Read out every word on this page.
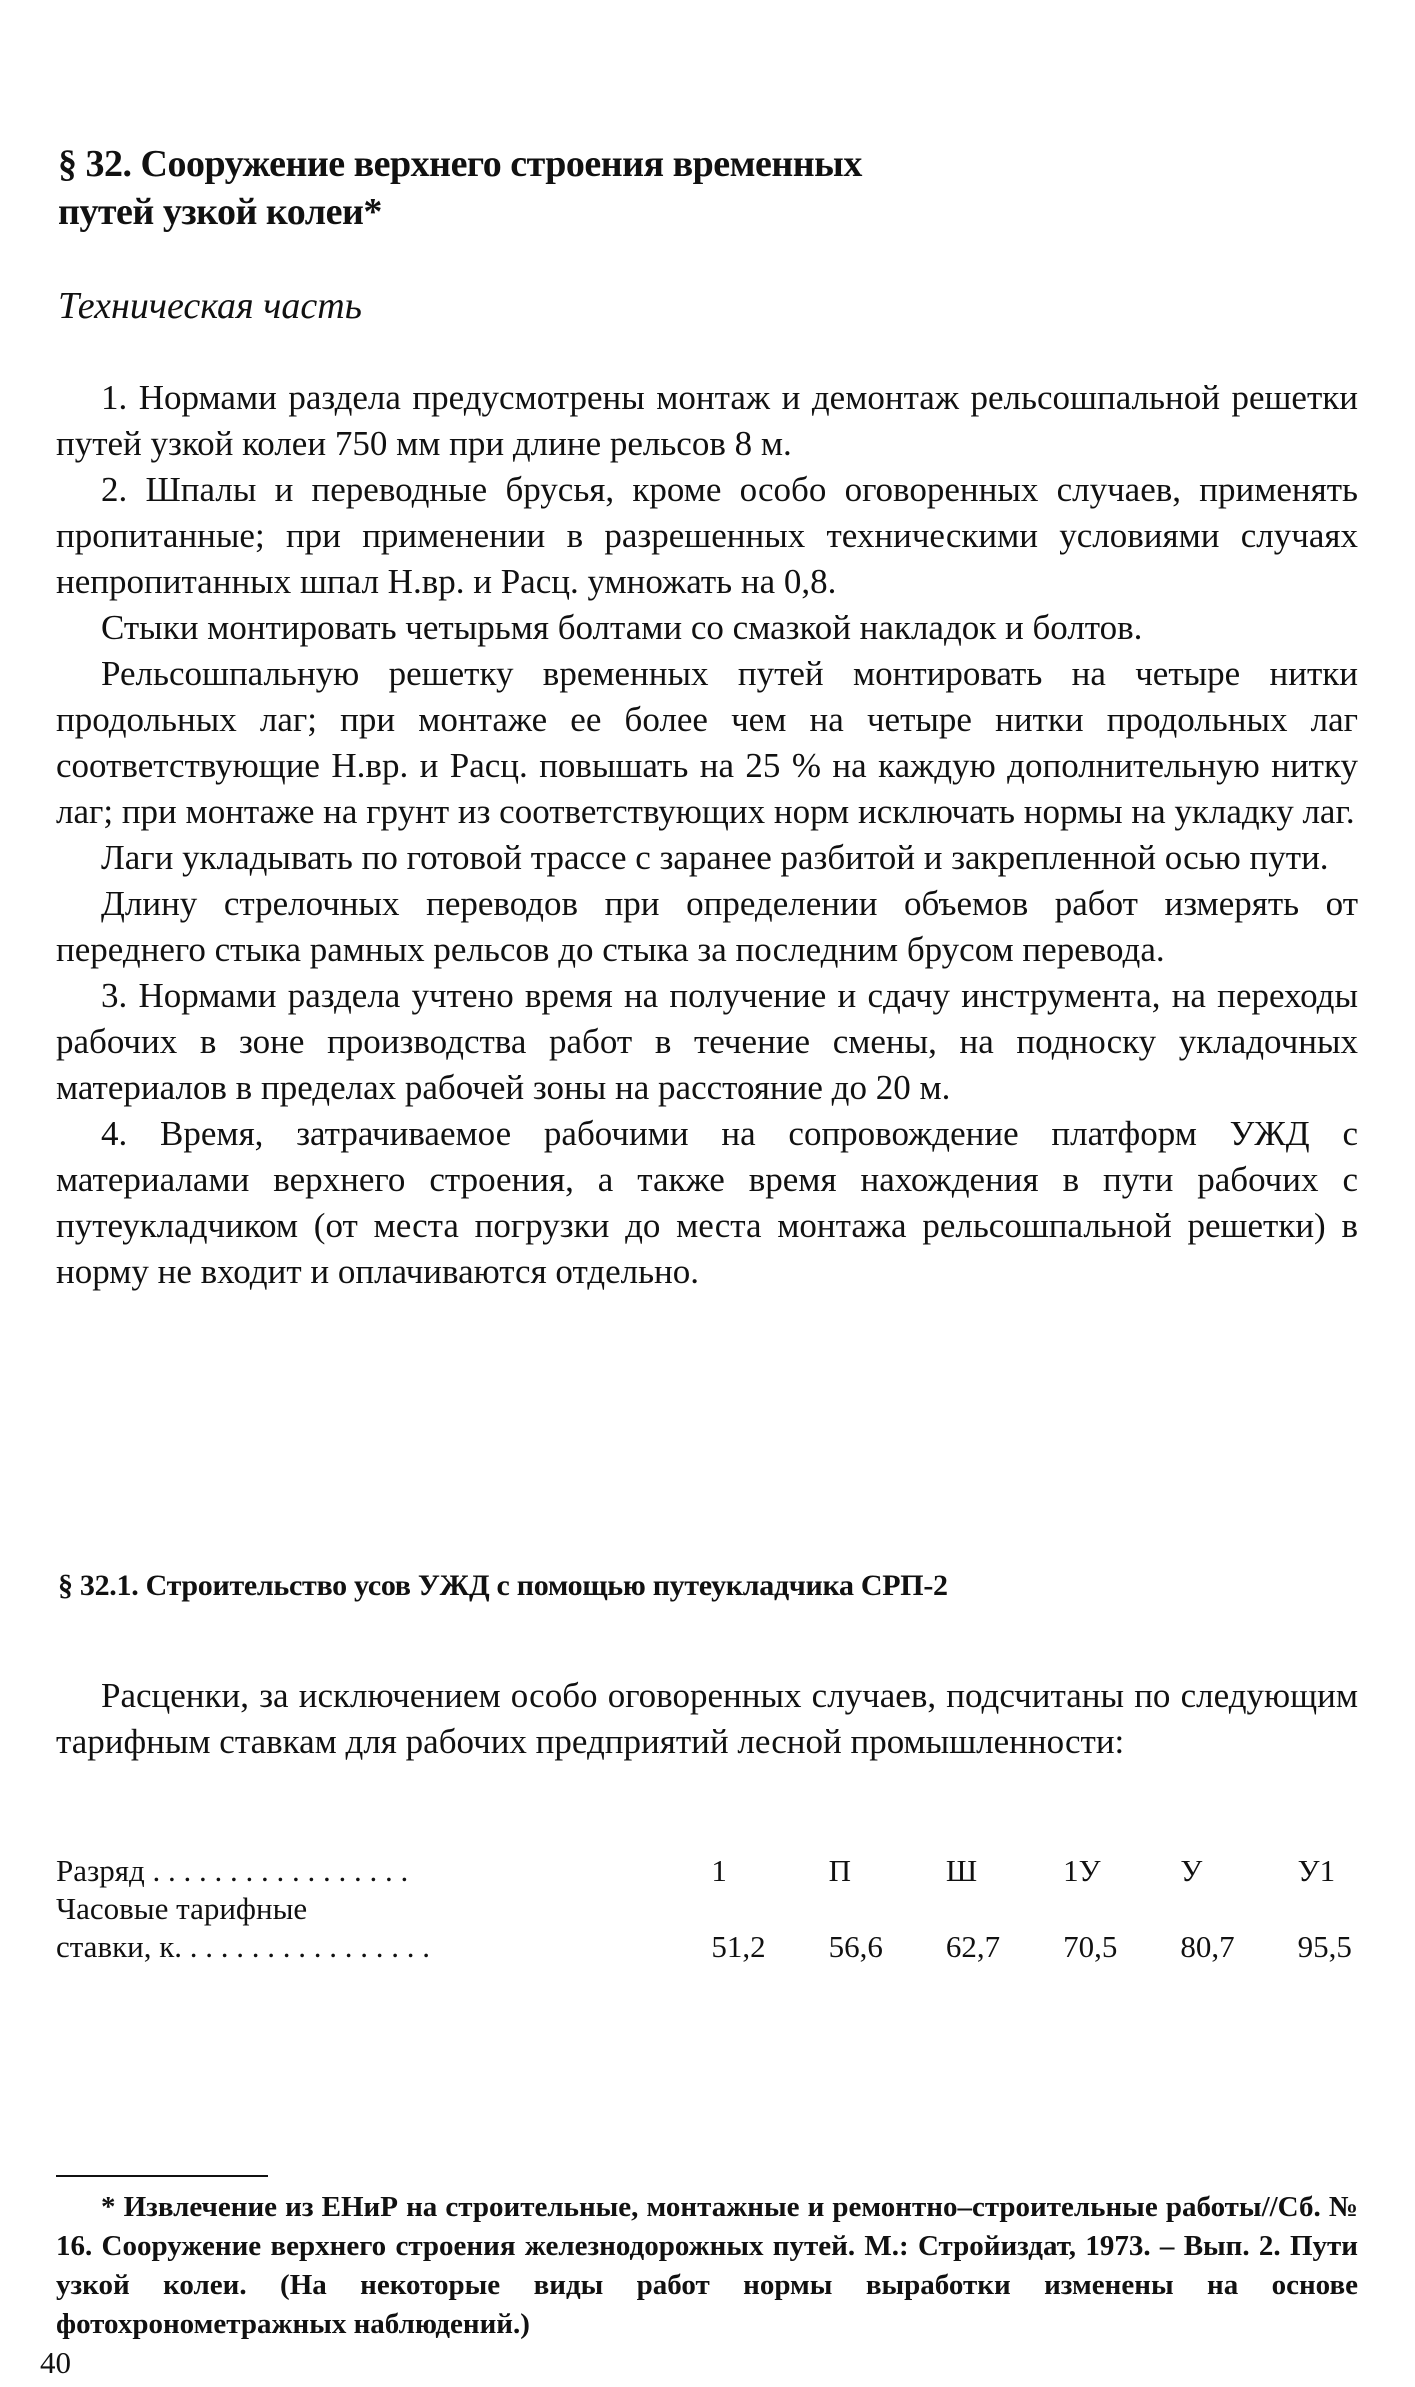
§ 32. Сооружение верхнего строения временных
путей узкой колеи*
Техническая часть

1. Нормами раздела предусмотрены монтаж и демонтаж рельсошпальной решетки путей узкой колеи 750 мм при длине рельсов 8 м.

2. Шпалы и переводные брусья, кроме особо оговоренных случаев, применять пропитанные; при применении в разрешенных техническими условиями случаях непропитанных шпал Н.вр. и Расц. умножать на 0,8.

Стыки монтировать четырьмя болтами со смазкой накладок и болтов.

Рельсошпальную решетку временных путей монтировать на четыре нитки продольных лаг; при монтаже ее более чем на четыре нитки продольных лаг соответствующие Н.вр. и Расц. повышать на 25 % на каждую дополнительную нитку лаг; при монтаже на грунт из соответствующих норм исключать нормы на укладку лаг.

Лаги укладывать по готовой трассе с заранее разбитой и закрепленной осью пути.

Длину стрелочных переводов при определении объемов работ измерять от переднего стыка рамных рельсов до стыка за последним брусом перевода.

3. Нормами раздела учтено время на получение и сдачу инструмента, на переходы рабочих в зоне производства работ в течение смены, на подноску укладочных материалов в пределах рабочей зоны на расстояние до 20 м.

4. Время, затрачиваемое рабочими на сопровождение платформ УЖД с материалами верхнего строения, а также время нахождения в пути рабочих с путеукладчиком (от места погрузки до места монтажа рельсошпальной решетки) в норму не входит и оплачиваются отдельно.

§ 32.1. Строительство усов УЖД с помощью путеукладчика СРП-2

Расценки, за исключением особо оговоренных случаев, подсчитаны по следующим тарифным ставкам для рабочих предприятий лесной промышленности:

Разряд . . . . . . . . . . . . . . . . .	1	П	Ш	1У	У	У1
Часовые тарифные						
ставки, к. . . . . . . . . . . . . . . . .	51,2	56,6	62,7	70,5	80,7	95,5

* Извлечение из ЕНиР на строительные, монтажные и ремонтно–строительные работы//Сб. № 16. Сооружение верхнего строения железнодорожных путей. М.: Стройиздат, 1973. – Вып. 2. Пути узкой колеи. (На некоторые виды работ нормы выработки изменены на основе фотохронометражных наблюдений.)

40
